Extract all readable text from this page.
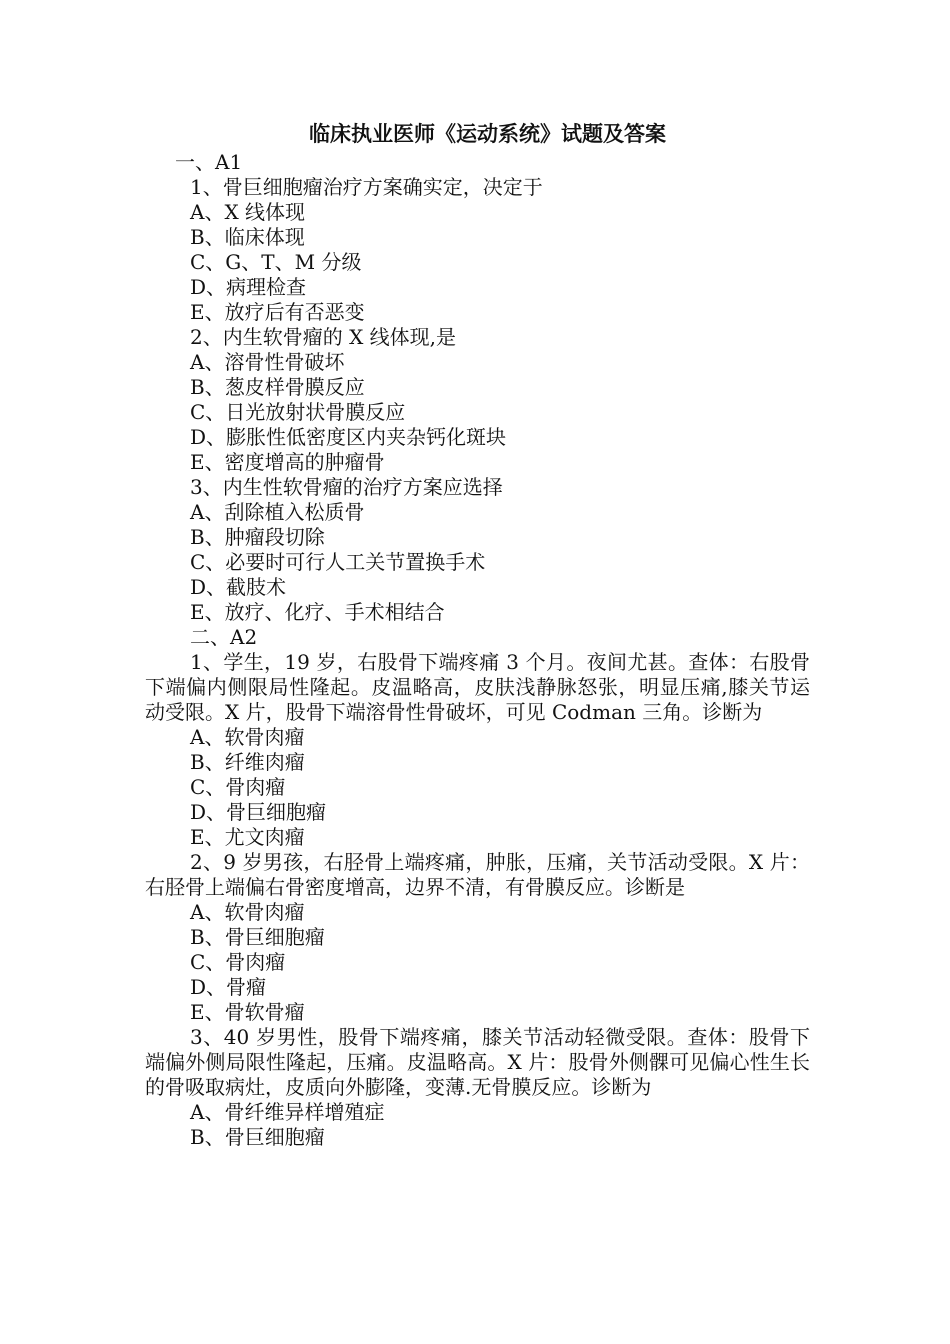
临床执业医师《运动系统》试题及答案

一、A1

1、骨巨细胞瘤治疗方案确实定，决定于

A、X 线体现

B、临床体现

C、G、T、M 分级

D、病理检查

E、放疗后有否恶变

2、内生软骨瘤的 X 线体现,是

A、溶骨性骨破坏

B、葱皮样骨膜反应

C、日光放射状骨膜反应

D、膨胀性低密度区内夹杂钙化斑块

E、密度增高的肿瘤骨

3、内生性软骨瘤的治疗方案应选择

A、刮除植入松质骨

B、肿瘤段切除

C、必要时可行人工关节置换手术

D、截肢术

E、放疗、化疗、手术相结合

二、A2

1、学生，19 岁，右股骨下端疼痛 3 个月。夜间尤甚。查体：右股骨下端偏内侧限局性隆起。皮温略高，皮肤浅静脉怒张，明显压痛,膝关节运动受限。X 片，股骨下端溶骨性骨破坏，可见 Codman 三角。诊断为

A、软骨肉瘤

B、纤维肉瘤

C、骨肉瘤

D、骨巨细胞瘤

E、尤文肉瘤

2、9 岁男孩，右胫骨上端疼痛，肿胀，压痛，关节活动受限。X 片：右胫骨上端偏右骨密度增高，边界不清，有骨膜反应。诊断是

A、软骨肉瘤

B、骨巨细胞瘤

C、骨肉瘤

D、骨瘤

E、骨软骨瘤

3、40 岁男性，股骨下端疼痛，膝关节活动轻微受限。查体：股骨下端偏外侧局限性隆起，压痛。皮温略高。X 片：股骨外侧髁可见偏心性生长的骨吸取病灶，皮质向外膨隆，变薄.无骨膜反应。诊断为

A、骨纤维异样增殖症

B、骨巨细胞瘤
